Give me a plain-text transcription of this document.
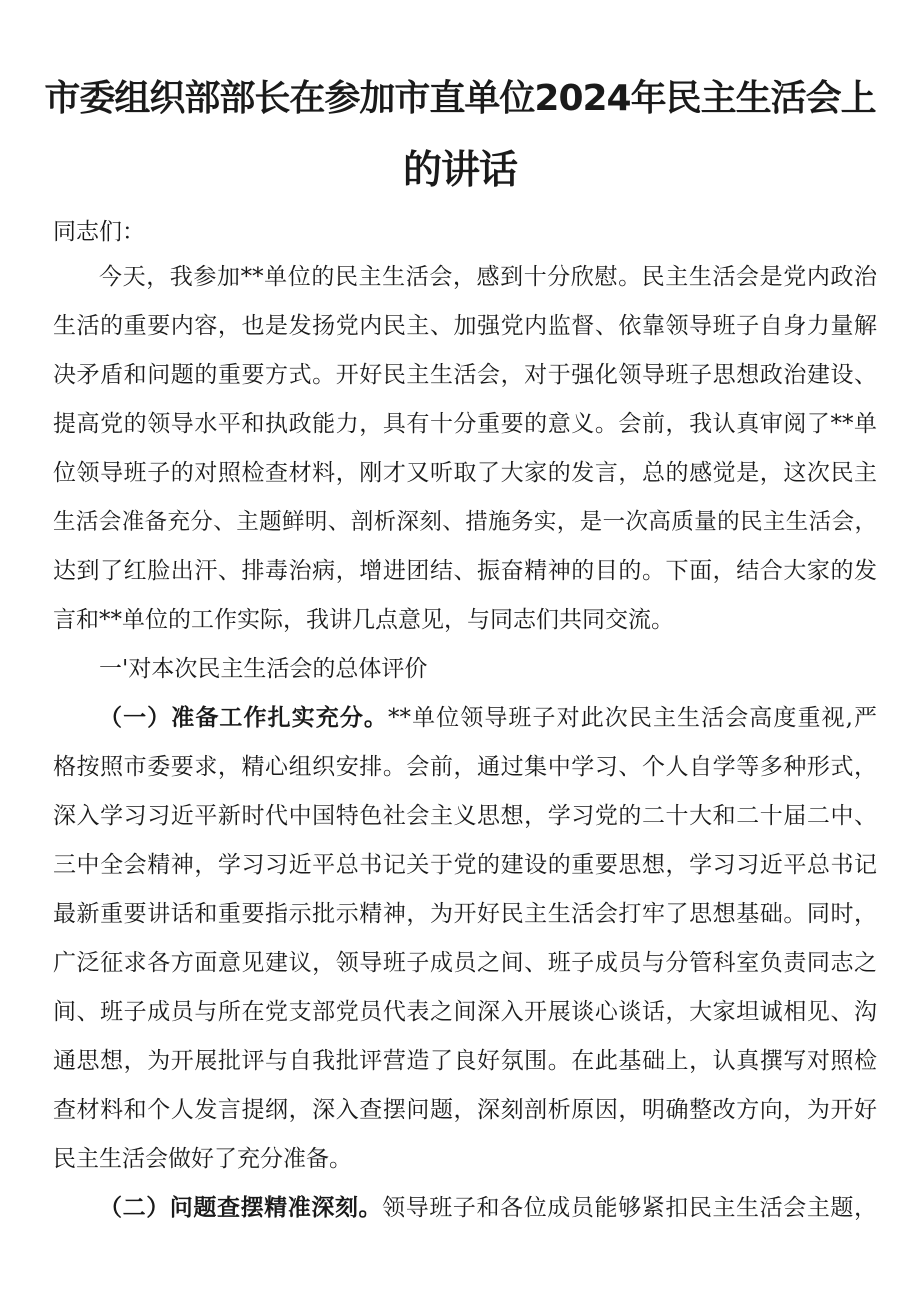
市委组织部部长在参加市直单位2024年民主生活会上
的讲话
同志们：
今天，我参加**单位的民主生活会，感到十分欣慰。民主生活会是党内政治
生活的重要内容，也是发扬党内民主、加强党内监督、依靠领导班子自身力量解
决矛盾和问题的重要方式。开好民主生活会，对于强化领导班子思想政治建设、
提高党的领导水平和执政能力，具有十分重要的意义。会前，我认真审阅了**单
位领导班子的对照检查材料，刚才又听取了大家的发言，总的感觉是，这次民主
生活会准备充分、主题鲜明、剖析深刻、措施务实，是一次高质量的民主生活会，
达到了红脸出汗、排毒治病，增进团结、振奋精神的目的。下面，结合大家的发
言和**单位的工作实际，我讲几点意见，与同志们共同交流。
一'对本次民主生活会的总体评价
（一）准备工作扎实充分。**单位领导班子对此次民主生活会高度重视,严
格按照市委要求，精心组织安排。会前，通过集中学习、个人自学等多种形式，
深入学习习近平新时代中国特色社会主义思想，学习党的二十大和二十届二中、
三中全会精神，学习习近平总书记关于党的建设的重要思想，学习习近平总书记
最新重要讲话和重要指示批示精神，为开好民主生活会打牢了思想基础。同时，
广泛征求各方面意见建议，领导班子成员之间、班子成员与分管科室负责同志之
间、班子成员与所在党支部党员代表之间深入开展谈心谈话，大家坦诚相见、沟
通思想，为开展批评与自我批评营造了良好氛围。在此基础上，认真撰写对照检
查材料和个人发言提纲，深入查摆问题，深刻剖析原因，明确整改方向，为开好
民主生活会做好了充分准备。
（二）问题查摆精准深刻。领导班子和各位成员能够紧扣民主生活会主题，
